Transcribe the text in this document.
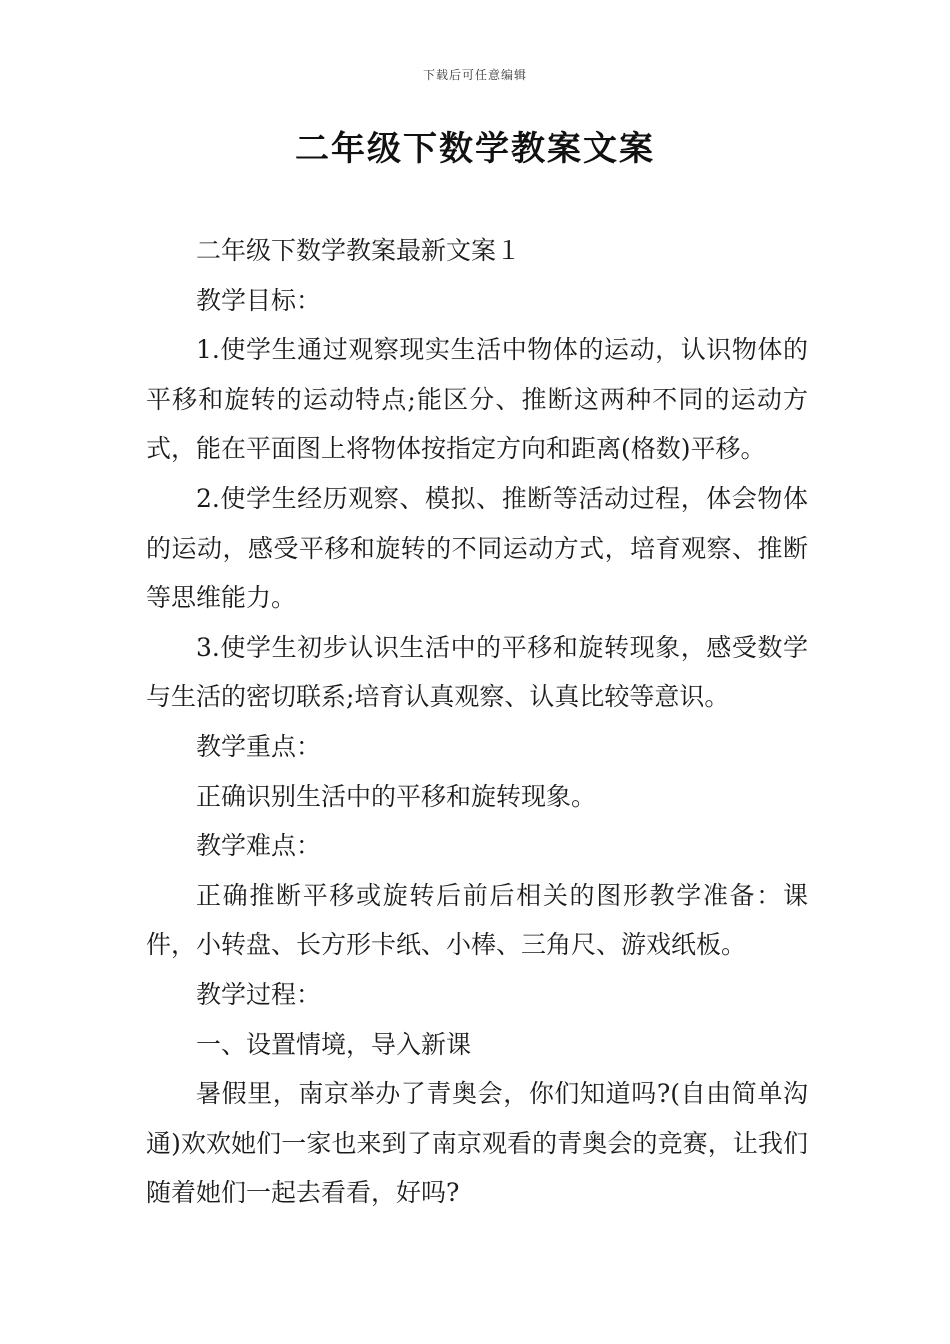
下载后可任意编辑
二年级下数学教案文案

二年级下数学教案最新文案１

教学目标：

1.使学生通过观察现实生活中物体的运动，认识物体的平移和旋转的运动特点;能区分、推断这两种不同的运动方式，能在平面图上将物体按指定方向和距离(格数)平移。

2.使学生经历观察、模拟、推断等活动过程，体会物体的运动，感受平移和旋转的不同运动方式，培育观察、推断等思维能力。

3.使学生初步认识生活中的平移和旋转现象，感受数学与生活的密切联系;培育认真观察、认真比较等意识。

教学重点：

正确识别生活中的平移和旋转现象。

教学难点：

正确推断平移或旋转后前后相关的图形教学准备：课件，小转盘、长方形卡纸、小棒、三角尺、游戏纸板。

教学过程：

一、设置情境，导入新课

暑假里，南京举办了青奥会，你们知道吗?(自由简单沟通)欢欢她们一家也来到了南京观看的青奥会的竞赛，让我们随着她们一起去看看，好吗?
